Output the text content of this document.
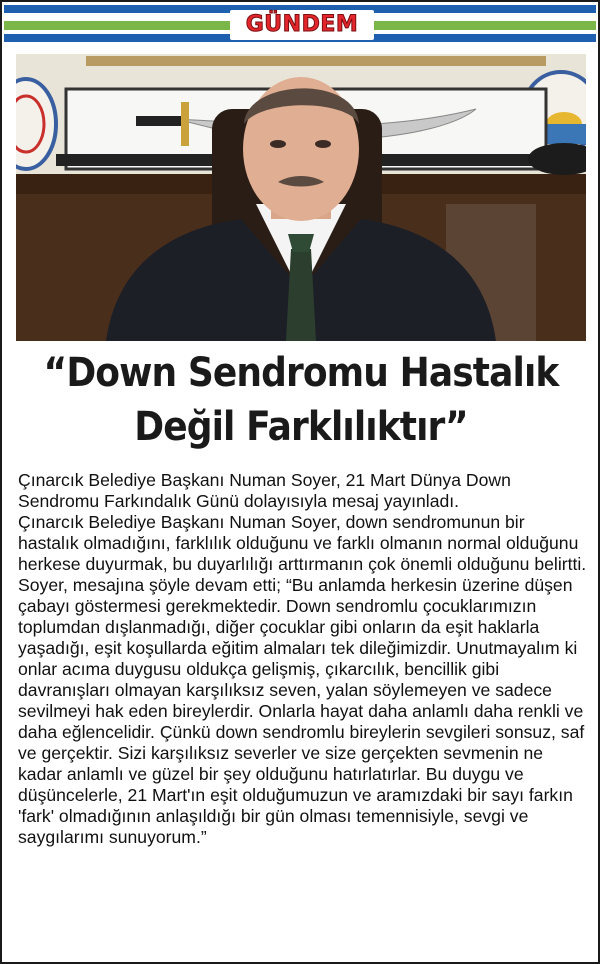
GÜNDEM
“Down Sendromu Hastalık
Değil Farklılıktır”

Çınarcık Belediye Başkanı Numan Soyer, 21 Mart Dünya Down Sendromu Farkındalık Günü dolayısıyla mesaj yayınladı.

Çınarcık Belediye Başkanı Numan Soyer, down sendromunun bir hastalık olmadığını, farklılık olduğunu ve farklı olmanın normal olduğunu herkese duyurmak, bu duyarlılığı arttırmanın çok önemli olduğunu belirtti. Soyer, mesajına şöyle devam etti; “Bu anlamda herkesin üzerine düşen çabayı göstermesi gerekmektedir. Down sendromlu çocuklarımızın toplumdan dışlanmadığı, diğer çocuklar gibi onların da eşit haklarla yaşadığı, eşit koşullarda eğitim almaları tek dileğimizdir. Unutmayalım ki onlar acıma duygusu oldukça gelişmiş, çıkarcılık, bencillik gibi davranışları olmayan karşılıksız seven, yalan söylemeyen ve sadece sevilmeyi hak eden bireylerdir. Onlarla hayat daha anlamlı daha renkli ve daha eğlencelidir. Çünkü down sendromlu bireylerin sevgileri sonsuz, saf ve gerçektir. Sizi karşılıksız severler ve size gerçekten sevmenin ne kadar anlamlı ve güzel bir şey olduğunu hatırlatırlar. Bu duygu ve düşüncelerle, 21 Mart'ın eşit olduğumuzun ve aramızdaki bir sayı farkın 'fark' olmadığının anlaşıldığı bir gün olması temennisiyle, sevgi ve saygılarımı sunuyorum.”
